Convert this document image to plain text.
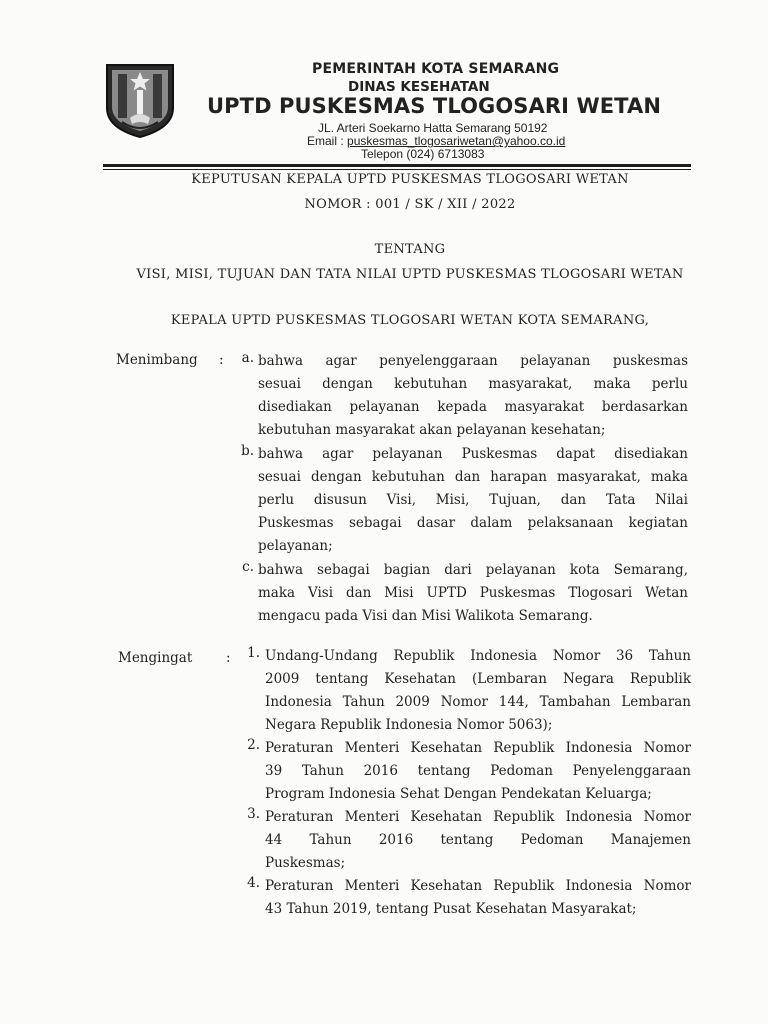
PEMERINTAH KOTA SEMARANG
DINAS KESEHATAN
UPTD PUSKESMAS TLOGOSARI WETAN
JL. Arteri Soekarno Hatta Semarang 50192
Email : puskesmas_tlogosariwetan@yahoo.co.id
Telepon (024) 6713083
KEPUTUSAN KEPALA UPTD PUSKESMAS TLOGOSARI WETAN
NOMOR : 001 / SK / XII / 2022
TENTANG
VISI, MISI, TUJUAN DAN TATA NILAI UPTD PUSKESMAS TLOGOSARI WETAN
KEPALA UPTD PUSKESMAS TLOGOSARI WETAN KOTA SEMARANG,
Menimbang :	a. bahwa agar penyelenggaraan pelayanan puskesmas
sesuai dengan kebutuhan masyarakat, maka perlu
disediakan pelayanan kepada masyarakat berdasarkan
kebutuhan masyarakat akan pelayanan kesehatan;
b. bahwa agar pelayanan Puskesmas dapat disediakan
sesuai dengan kebutuhan dan harapan masyarakat, maka
perlu disusun Visi, Misi, Tujuan, dan Tata Nilai
Puskesmas sebagai dasar dalam pelaksanaan kegiatan
pelayanan;
c. bahwa sebagai bagian dari pelayanan kota Semarang,
maka Visi dan Misi UPTD Puskesmas Tlogosari Wetan
mengacu pada Visi dan Misi Walikota Semarang.
Mengingat :	1. Undang-Undang Republik Indonesia Nomor 36 Tahun
2009 tentang Kesehatan (Lembaran Negara Republik
Indonesia Tahun 2009 Nomor 144, Tambahan Lembaran
Negara Republik Indonesia Nomor 5063);
2. Peraturan Menteri Kesehatan Republik Indonesia Nomor
39 Tahun 2016 tentang Pedoman Penyelenggaraan
Program Indonesia Sehat Dengan Pendekatan Keluarga;
3. Peraturan Menteri Kesehatan Republik Indonesia Nomor
44 Tahun 2016 tentang Pedoman Manajemen
Puskesmas;
4. Peraturan Menteri Kesehatan Republik Indonesia Nomor
43 Tahun 2019, tentang Pusat Kesehatan Masyarakat;
